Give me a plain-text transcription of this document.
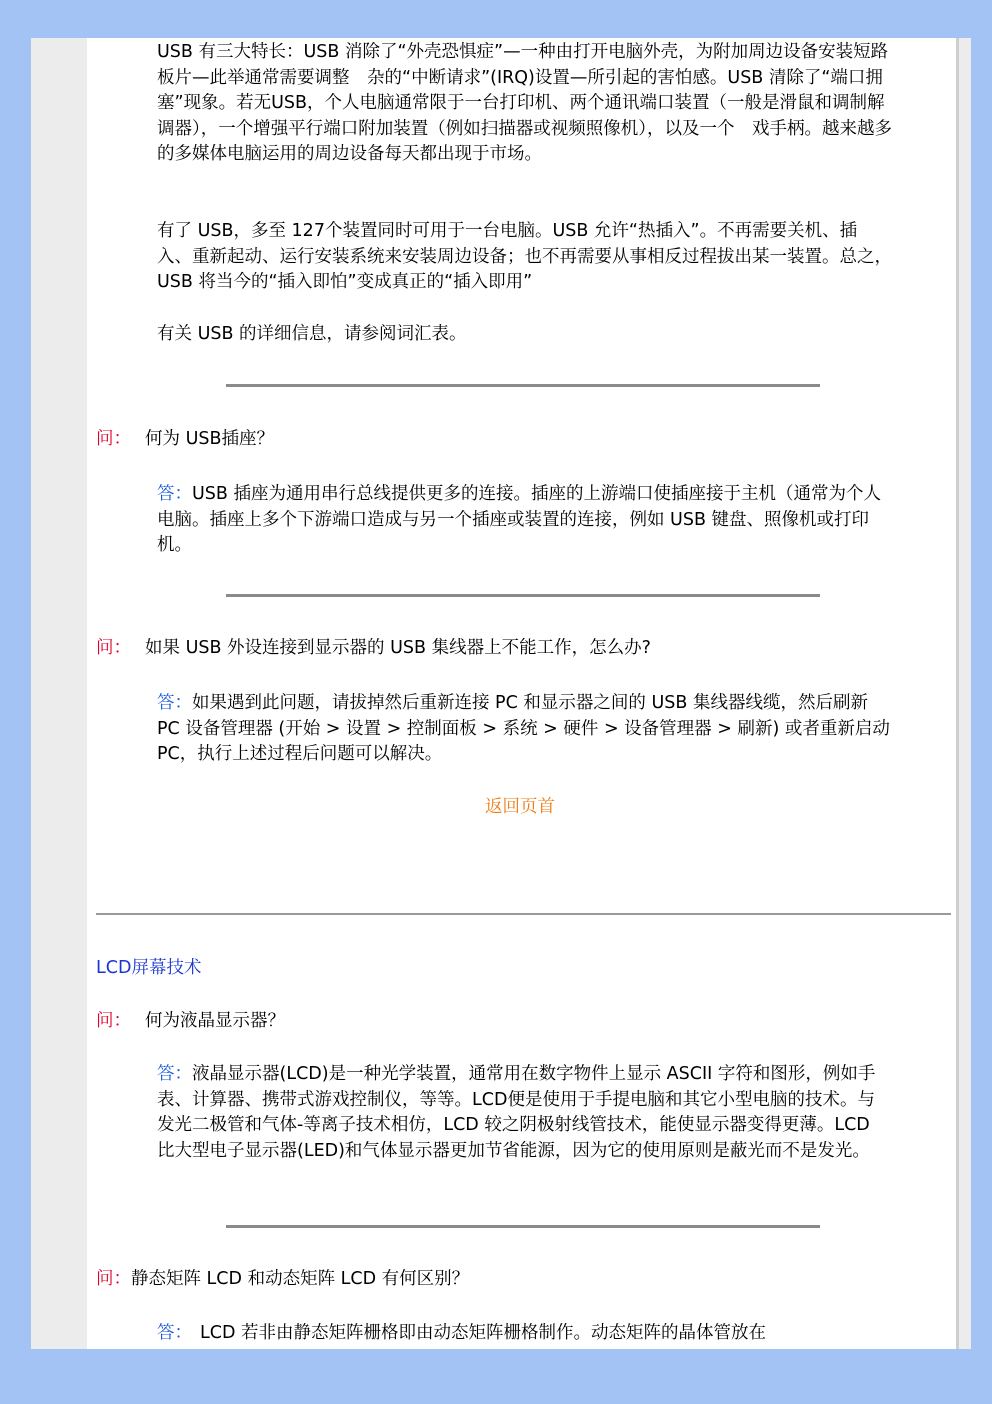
USB 有三大特长：USB 消除了“外壳恐惧症”—一种由打开电脑外壳，为附加周边设备安装短路板片—此举通常需要调整　杂的“中断请求”(IRQ)设置—所引起的害怕感。USB 清除了“端口拥塞”现象。若无USB，个人电脑通常限于一台打印机、两个通讯端口装置（一般是滑鼠和调制解调器），一个增强平行端口附加装置（例如扫描器或视频照像机），以及一个　戏手柄。越来越多的多媒体电脑运用的周边设备每天都出现于市场。

有了 USB，多至 127个装置同时可用于一台电脑。USB 允许“热插入”。不再需要关机、插入、重新起动、运行安装系统来安装周边设备；也不再需要从事相反过程拔出某一装置。总之，USB 将当今的“插入即怕”变成真正的“插入即用”

有关 USB 的详细信息，请参阅词汇表。

问： 何为 USB插座？

答：USB 插座为通用串行总线提供更多的连接。插座的上游端口使插座接于主机（通常为个人电脑。插座上多个下游端口造成与另一个插座或装置的连接，例如 USB 键盘、照像机或打印机。

问： 如果 USB 外设连接到显示器的 USB 集线器上不能工作，怎么办?

答：如果遇到此问题，请拔掉然后重新连接 PC 和显示器之间的 USB 集线器线缆，然后刷新 PC 设备管理器 (开始 > 设置 > 控制面板 > 系统 > 硬件 > 设备管理器 > 刷新) 或者重新启动 PC，执行上述过程后问题可以解决。

返回页首
LCD屏幕技术

问： 何为液晶显示器？

答：液晶显示器(LCD)是一种光学装置，通常用在数字物件上显示 ASCII 字符和图形，例如手表、计算器、携带式游戏控制仪，等等。LCD便是使用于手提电脑和其它小型电脑的技术。与发光二极管和气体-等离子技术相仿，LCD 较之阴极射线管技术，能使显示器变得更薄。LCD 比大型电子显示器(LED)和气体显示器更加节省能源，因为它的使用原则是蔽光而不是发光。

问：静态矩阵 LCD 和动态矩阵 LCD 有何区别？

答： LCD 若非由静态矩阵栅格即由动态矩阵栅格制作。动态矩阵的晶体管放在
